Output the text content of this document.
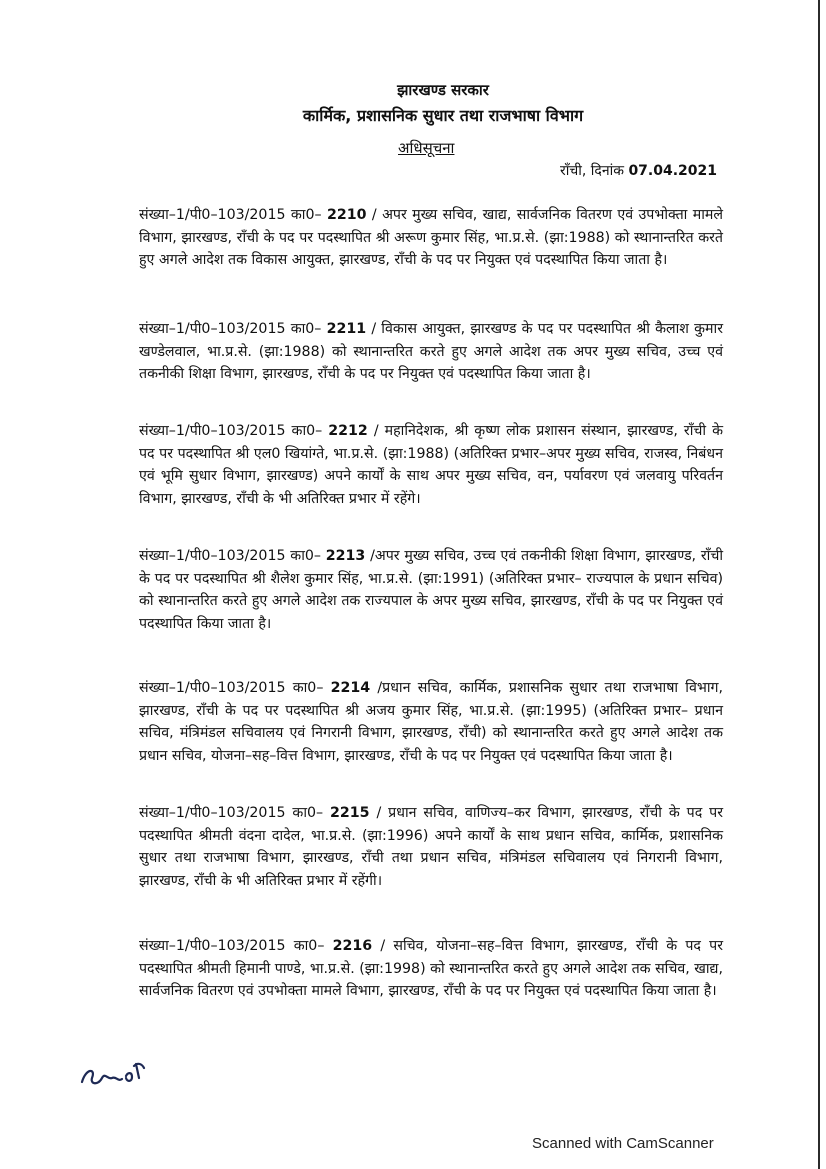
झारखण्ड सरकार
कार्मिक, प्रशासनिक सुधार तथा राजभाषा विभाग
अधिसूचना
राँची, दिनांक 07.04.2021

संख्या–1/पी0–103/2015 का0– 2210 / अपर मुख्य सचिव, खाद्य, सार्वजनिक वितरण एवं उपभोक्ता मामले विभाग, झारखण्ड, राँची के पद पर पदस्थापित श्री अरूण कुमार सिंह, भा.प्र.से. (झा:1988) को स्थानान्तरित करते हुए अगले आदेश तक विकास आयुक्त, झारखण्ड, राँची के पद पर नियुक्त एवं पदस्थापित किया जाता है।

संख्या–1/पी0–103/2015 का0– 2211 / विकास आयुक्त, झारखण्ड के पद पर पदस्थापित श्री कैलाश कुमार खण्डेलवाल, भा.प्र.से. (झा:1988) को स्थानान्तरित करते हुए अगले आदेश तक अपर मुख्य सचिव, उच्च एवं तकनीकी शिक्षा विभाग, झारखण्ड, राँची के पद पर नियुक्त एवं पदस्थापित किया जाता है।

संख्या–1/पी0–103/2015 का0– 2212 / महानिदेशक, श्री कृष्ण लोक प्रशासन संस्थान, झारखण्ड, राँची के पद पर पदस्थापित श्री एल0 खियांग्ते, भा.प्र.से. (झा:1988) (अतिरिक्त प्रभार–अपर मुख्य सचिव, राजस्व, निबंधन एवं भूमि सुधार विभाग, झारखण्ड) अपने कार्यों के साथ अपर मुख्य सचिव, वन, पर्यावरण एवं जलवायु परिवर्तन विभाग, झारखण्ड, राँची के भी अतिरिक्त प्रभार में रहेंगे।

संख्या–1/पी0–103/2015 का0– 2213 /अपर मुख्य सचिव, उच्च एवं तकनीकी शिक्षा विभाग, झारखण्ड, राँची के पद पर पदस्थापित श्री शैलेश कुमार सिंह, भा.प्र.से. (झा:1991) (अतिरिक्त प्रभार– राज्यपाल के प्रधान सचिव) को स्थानान्तरित करते हुए अगले आदेश तक राज्यपाल के अपर मुख्य सचिव, झारखण्ड, राँची के पद पर नियुक्त एवं पदस्थापित किया जाता है।

संख्या–1/पी0–103/2015 का0– 2214 /प्रधान सचिव, कार्मिक, प्रशासनिक सुधार तथा राजभाषा विभाग, झारखण्ड, राँची के पद पर पदस्थापित श्री अजय कुमार सिंह, भा.प्र.से. (झा:1995) (अतिरिक्त प्रभार– प्रधान सचिव, मंत्रिमंडल सचिवालय एवं निगरानी विभाग, झारखण्ड, राँची) को स्थानान्तरित करते हुए अगले आदेश तक प्रधान सचिव, योजना–सह–वित्त विभाग, झारखण्ड, राँची के पद पर नियुक्त एवं पदस्थापित किया जाता है।

संख्या–1/पी0–103/2015 का0– 2215 / प्रधान सचिव, वाणिज्य–कर विभाग, झारखण्ड, राँची के पद पर पदस्थापित श्रीमती वंदना दादेल, भा.प्र.से. (झा:1996) अपने कार्यों के साथ प्रधान सचिव, कार्मिक, प्रशासनिक सुधार तथा राजभाषा विभाग, झारखण्ड, राँची तथा प्रधान सचिव, मंत्रिमंडल सचिवालय एवं निगरानी विभाग, झारखण्ड, राँची के भी अतिरिक्त प्रभार में रहेंगी।

संख्या–1/पी0–103/2015 का0– 2216 / सचिव, योजना–सह–वित्त विभाग, झारखण्ड, राँची के पद पर पदस्थापित श्रीमती हिमानी पाण्डे, भा.प्र.से. (झा:1998) को स्थानान्तरित करते हुए अगले आदेश तक सचिव, खाद्य, सार्वजनिक वितरण एवं उपभोक्ता मामले विभाग, झारखण्ड, राँची के पद पर नियुक्त एवं पदस्थापित किया जाता है।

Scanned with CamScanner
